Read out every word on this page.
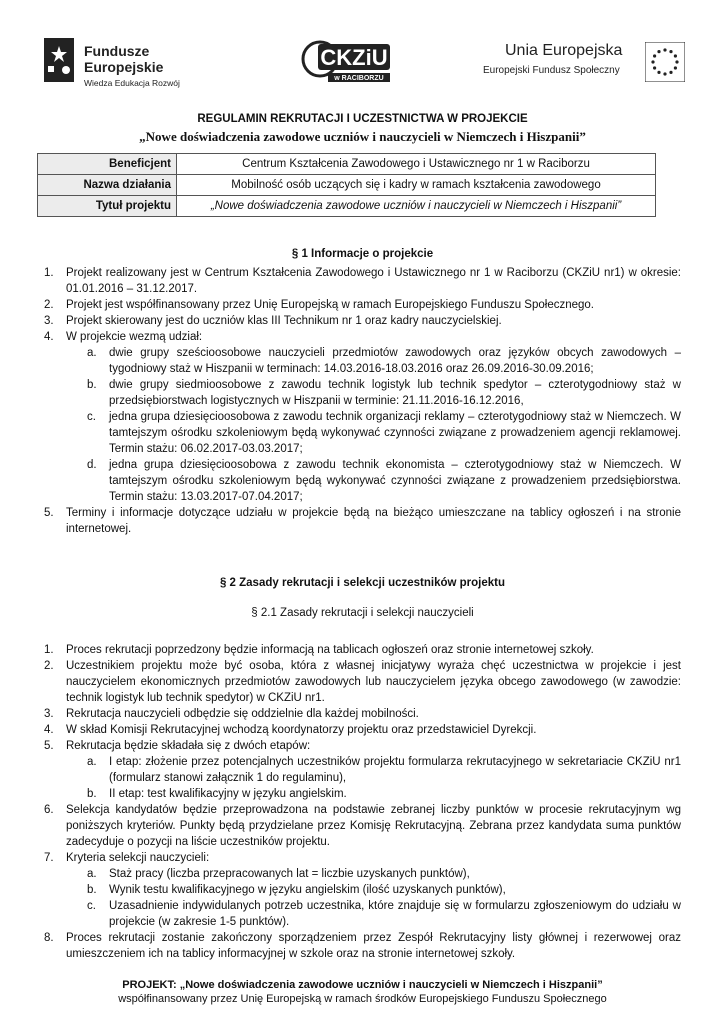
Fundusze
Europejskie
Wiedza Edukacja Rozwój
CKZiU
w RACIBORZU
Unia Europejska
Europejski Fundusz Społeczny
REGULAMIN REKRUTACJI I UCZESTNICTWA W PROJEKCIE
„Nowe doświadczenia zawodowe uczniów i nauczycieli w Niemczech i Hiszpanii”
Beneficjent	Centrum Kształcenia Zawodowego i Ustawicznego nr 1 w Raciborzu
Nazwa działania	Mobilność osób uczących się i kadry w ramach kształcenia zawodowego
Tytuł projektu	„Nowe doświadczenia zawodowe uczniów i nauczycieli w Niemczech i Hiszpanii”
§ 1 Informacje o projekcie
1. Projekt realizowany jest w Centrum Kształcenia Zawodowego i Ustawicznego nr 1 w Raciborzu (CKZiU nr1) w okresie: 01.01.2016 – 31.12.2017.
2. Projekt jest współfinansowany przez Unię Europejską w ramach Europejskiego Funduszu Społecznego.
3. Projekt skierowany jest do uczniów klas III Technikum nr 1 oraz kadry nauczycielskiej.
4. W projekcie wezmą udział:
a. dwie grupy sześcioosobowe nauczycieli przedmiotów zawodowych oraz języków obcych zawodowych – tygodniowy staż w Hiszpanii w terminach: 14.03.2016-18.03.2016 oraz 26.09.2016-30.09.2016;
b. dwie grupy siedmioosobowe z zawodu technik logistyk lub technik spedytor – czterotygodniowy staż w przedsiębiorstwach logistycznych w Hiszpanii w terminie: 21.11.2016-16.12.2016,
c. jedna grupa dziesięcioosobowa z zawodu technik organizacji reklamy – czterotygodniowy staż w Niemczech. W tamtejszym ośrodku szkoleniowym będą wykonywać czynności związane z prowadzeniem agencji reklamowej. Termin stażu: 06.02.2017-03.03.2017;
d. jedna grupa dziesięcioosobowa z zawodu technik ekonomista – czterotygodniowy staż w Niemczech. W tamtejszym ośrodku szkoleniowym będą wykonywać czynności związane z prowadzeniem przedsiębiorstwa. Termin stażu: 13.03.2017-07.04.2017;
5. Terminy i informacje dotyczące udziału w projekcie będą na bieżąco umieszczane na tablicy ogłoszeń i na stronie internetowej.
§ 2 Zasady rekrutacji i selekcji uczestników projektu
§ 2.1 Zasady rekrutacji i selekcji nauczycieli
1. Proces rekrutacji poprzedzony będzie informacją na tablicach ogłoszeń oraz stronie internetowej szkoły.
2. Uczestnikiem projektu może być osoba, która z własnej inicjatywy wyraża chęć uczestnictwa w projekcie i jest nauczycielem ekonomicznych przedmiotów zawodowych lub nauczycielem języka obcego zawodowego (w zawodzie: technik logistyk lub technik spedytor) w CKZiU nr1.
3. Rekrutacja nauczycieli odbędzie się oddzielnie dla każdej mobilności.
4. W skład Komisji Rekrutacyjnej wchodzą koordynatorzy projektu oraz przedstawiciel Dyrekcji.
5. Rekrutacja będzie składała się z dwóch etapów:
a. I etap: złożenie przez potencjalnych uczestników projektu formularza rekrutacyjnego w sekretariacie CKZiU nr1 (formularz stanowi załącznik 1 do regulaminu),
b. II etap: test kwalifikacyjny w języku angielskim.
6. Selekcja kandydatów będzie przeprowadzona na podstawie zebranej liczby punktów w procesie rekrutacyjnym wg poniższych kryteriów. Punkty będą przydzielane przez Komisję Rekrutacyjną. Zebrana przez kandydata suma punktów zadecyduje o pozycji na liście uczestników projektu.
7. Kryteria selekcji nauczycieli:
a. Staż pracy (liczba przepracowanych lat = liczbie uzyskanych punktów),
b. Wynik testu kwalifikacyjnego w języku angielskim (ilość uzyskanych punktów),
c. Uzasadnienie indywidulanych potrzeb uczestnika, które znajduje się w formularzu zgłoszeniowym do udziału w projekcie (w zakresie 1-5 punktów).
8. Proces rekrutacji zostanie zakończony sporządzeniem przez Zespół Rekrutacyjny listy głównej i rezerwowej oraz umieszczeniem ich na tablicy informacyjnej w szkole oraz na stronie internetowej szkoły.
PROJEKT: „Nowe doświadczenia zawodowe uczniów i nauczycieli w Niemczech i Hiszpanii”
współfinansowany przez Unię Europejską w ramach środków Europejskiego Funduszu Społecznego
